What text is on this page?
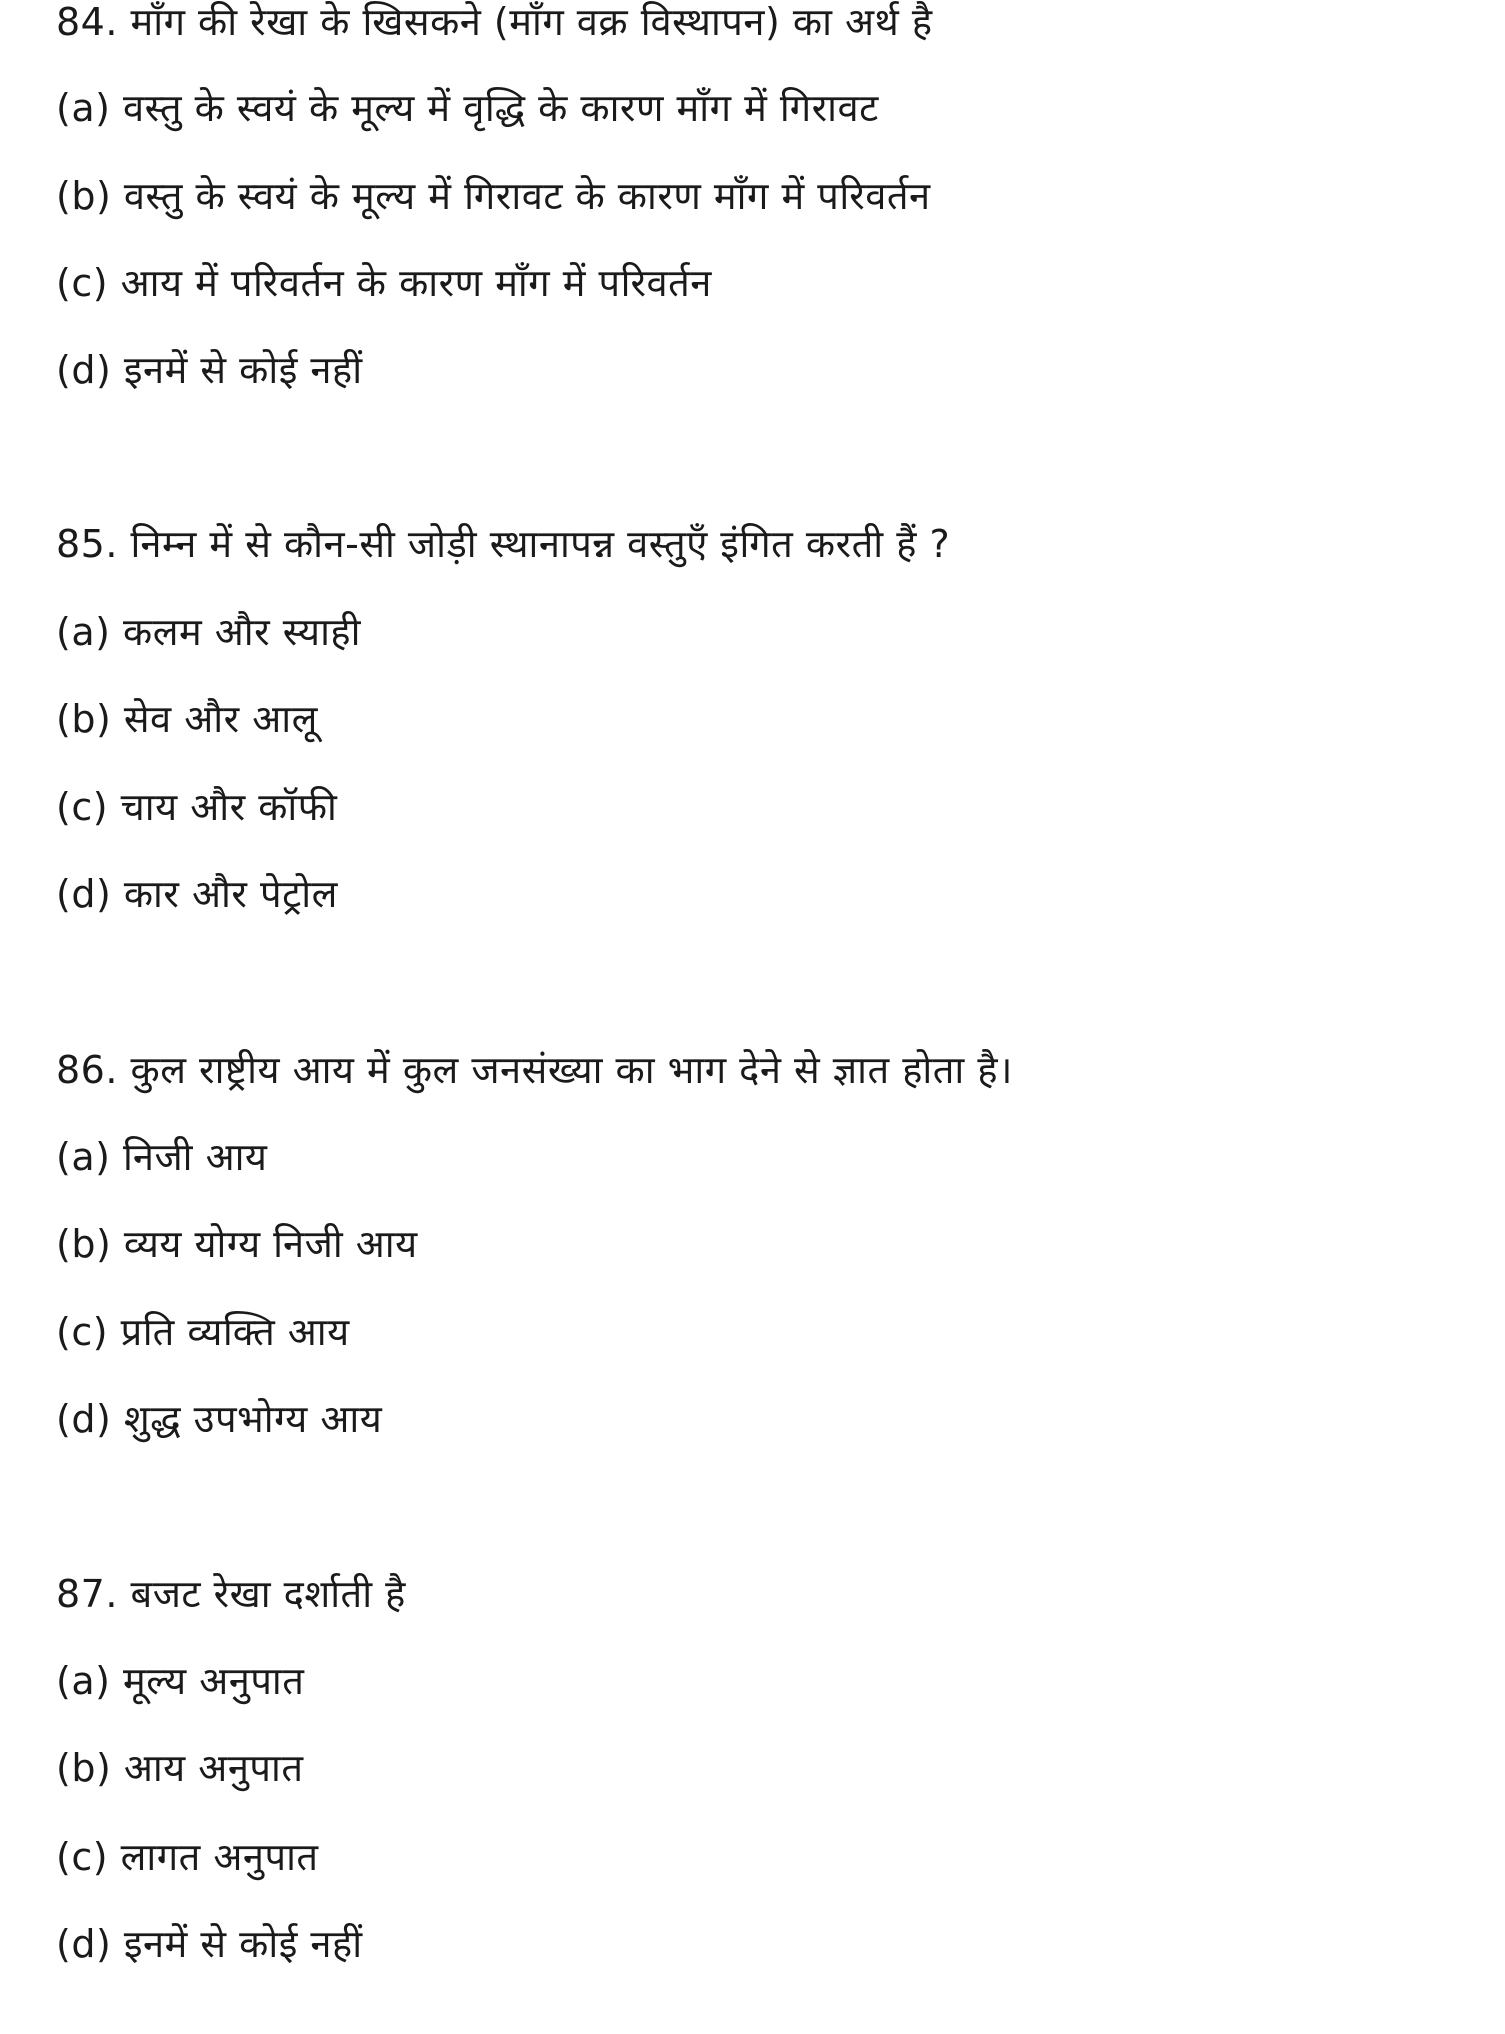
84. माँग की रेखा के खिसकने (माँग वक्र विस्थापन) का अर्थ है
(a) वस्तु के स्वयं के मूल्य में वृद्धि के कारण माँग में गिरावट
(b) वस्तु के स्वयं के मूल्य में गिरावट के कारण माँग में परिवर्तन
(c) आय में परिवर्तन के कारण माँग में परिवर्तन
(d) इनमें से कोई नहीं
85. निम्न में से कौन-सी जोड़ी स्थानापन्न वस्तुएँ इंगित करती हैं ?
(a) कलम और स्याही
(b) सेव और आलू
(c) चाय और कॉफी
(d) कार और पेट्रोल
86. कुल राष्ट्रीय आय में कुल जनसंख्या का भाग देने से ज्ञात होता है।
(a) निजी आय
(b) व्यय योग्य निजी आय
(c) प्रति व्यक्ति आय
(d) शुद्ध उपभोग्य आय
87. बजट रेखा दर्शाती है
(a) मूल्य अनुपात
(b) आय अनुपात
(c) लागत अनुपात
(d) इनमें से कोई नहीं
